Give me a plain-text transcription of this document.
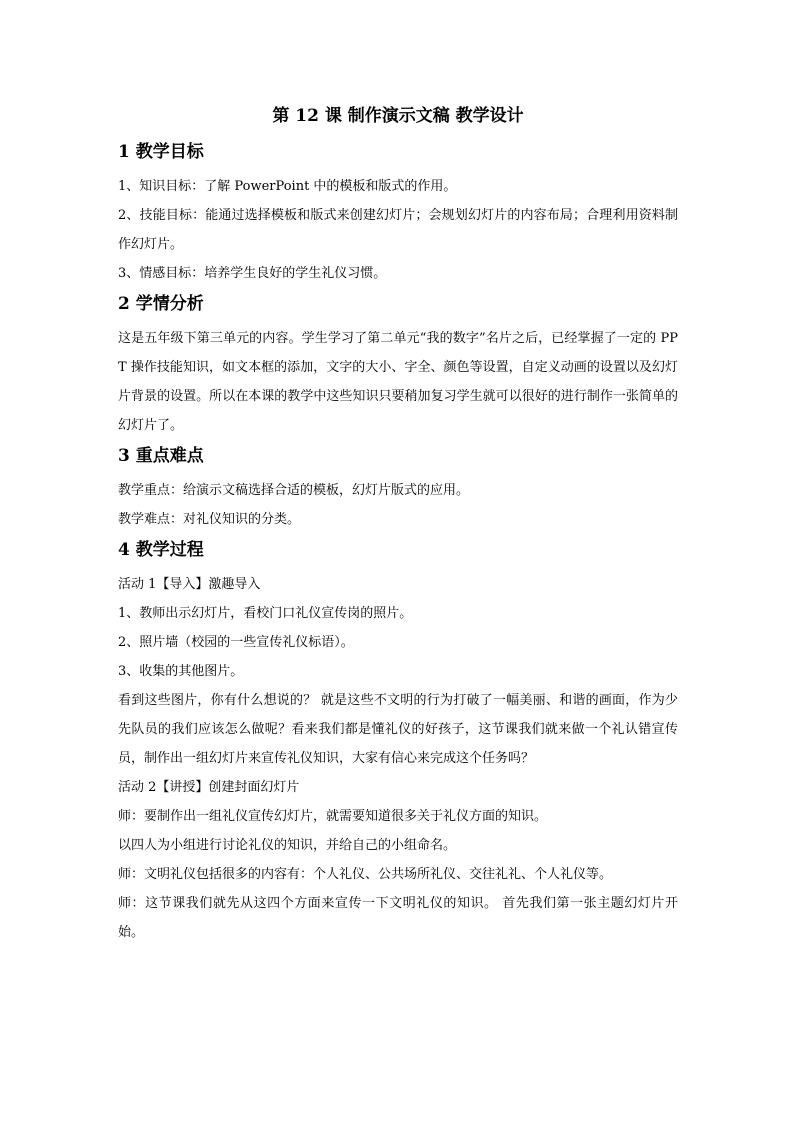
第 12 课 制作演示文稿 教学设计
1 教学目标

1、知识目标：了解 PowerPoint 中的模板和版式的作用。

2、技能目标：能通过选择模板和版式来创建幻灯片；会规划幻灯片的内容布局；合理利用资料制作幻灯片。

3、情感目标：培养学生良好的学生礼仪习惯。

2 学情分析

这是五年级下第三单元的内容。学生学习了第二单元“我的数字”名片之后，已经掌握了一定的 PPT 操作技能知识，如文本框的添加，文字的大小、字全、颜色等设置，自定义动画的设置以及幻灯片背景的设置。所以在本课的教学中这些知识只要稍加复习学生就可以很好的进行制作一张简单的幻灯片了。

3 重点难点

教学重点：给演示文稿选择合适的模板，幻灯片版式的应用。

教学难点：对礼仪知识的分类。

4 教学过程

活动 1【导入】激趣导入

1、教师出示幻灯片，看校门口礼仪宣传岗的照片。

2、照片墙（校园的一些宣传礼仪标语）。

3、收集的其他图片。

看到这些图片，你有什么想说的？ 就是这些不文明的行为打破了一幅美丽、和谐的画面，作为少先队员的我们应该怎么做呢？看来我们都是懂礼仪的好孩子，这节课我们就来做一个礼认错宣传员，制作出一组幻灯片来宣传礼仪知识，大家有信心来完成这个任务吗？

活动 2【讲授】创建封面幻灯片

师：要制作出一组礼仪宣传幻灯片，就需要知道很多关于礼仪方面的知识。

以四人为小组进行讨论礼仪的知识，并给自己的小组命名。

师：文明礼仪包括很多的内容有：个人礼仪、公共场所礼仪、交往礼礼、个人礼仪等。

师：这节课我们就先从这四个方面来宣传一下文明礼仪的知识。 首先我们第一张主题幻灯片开始。
